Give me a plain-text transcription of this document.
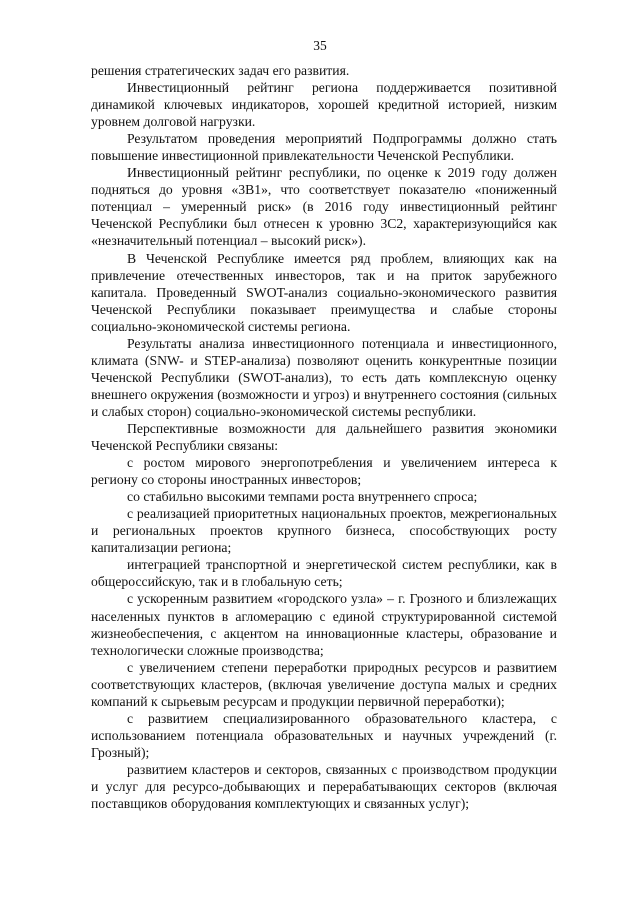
35

решения стратегических задач его развития.

Инвестиционный рейтинг региона поддерживается позитивной динамикой ключевых индикаторов, хорошей кредитной историей, низким уровнем долговой нагрузки.

Результатом проведения мероприятий Подпрограммы должно стать повышение инвестиционной привлекательности Чеченской Республики.

Инвестиционный рейтинг республики, по оценке к 2019 году должен подняться до уровня «3B1», что соответствует показателю «пониженный потенциал – умеренный риск» (в 2016 году инвестиционный рейтинг Чеченской Республики был отнесен к уровню 3С2, характеризующийся как «незначительный потенциал – высокий риск»).

В Чеченской Республике имеется ряд проблем, влияющих как на привлечение отечественных инвесторов, так и на приток зарубежного капитала. Проведенный SWOT-анализ социально-экономического развития Чеченской Республики показывает преимущества и слабые стороны социально-экономической системы региона.

Результаты анализа инвестиционного потенциала и инвестиционного, климата (SNW- и STEP-анализа) позволяют оценить конкурентные позиции Чеченской Республики (SWOT-анализ), то есть дать комплексную оценку внешнего окружения (возможности и угроз) и внутреннего состояния (сильных и слабых сторон) социально-экономической системы республики.

Перспективные возможности для дальнейшего развития экономики Чеченской Республики связаны:

с ростом мирового энергопотребления и увеличением интереса к региону со стороны иностранных инвесторов;

со стабильно высокими темпами роста внутреннего спроса;

с реализацией приоритетных национальных проектов, межрегиональных и региональных проектов крупного бизнеса, способствующих росту капитализации региона;

интеграцией транспортной и энергетической систем республики, как в общероссийскую, так и в глобальную сеть;

с ускоренным развитием «городского узла» – г. Грозного и близлежащих населенных пунктов в агломерацию с единой структурированной системой жизнеобеспечения, с акцентом на инновационные кластеры, образование и технологически сложные производства;

с увеличением степени переработки природных ресурсов и развитием соответствующих кластеров, (включая увеличение доступа малых и средних компаний к сырьевым ресурсам и продукции первичной переработки);

с развитием специализированного образовательного кластера, с использованием потенциала образовательных и научных учреждений (г. Грозный);

развитием кластеров и секторов, связанных с производством продукции и услуг для ресурсо-добывающих и перерабатывающих секторов (включая поставщиков оборудования комплектующих и связанных услуг);
